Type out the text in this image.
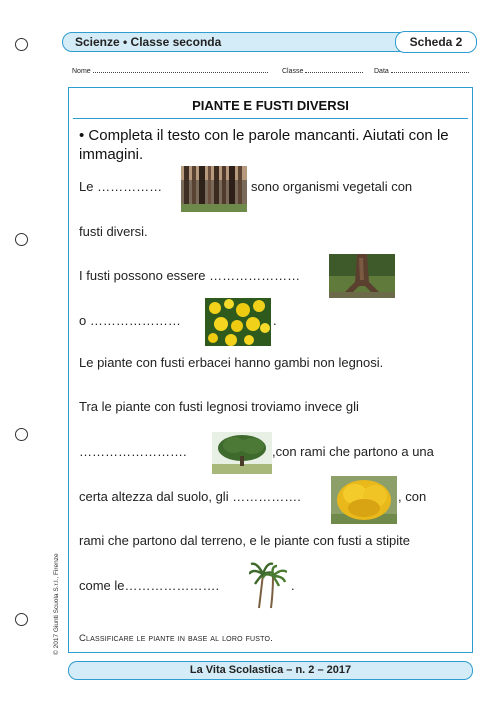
Scienze • Classe seconda	Scheda 2
Nome	Classe	Data
PIANTE E FUSTI DIVERSI
• Completa il testo con le parole mancanti. Aiutati con le immagini.
Le ……………	sono organismi vegetali con
fusti diversi.
I fusti possono essere …………………
o …………………	.
Le piante con fusti erbacei hanno gambi non legnosi.
Tra le piante con fusti legnosi troviamo invece gli
…………………….	,con rami che partono a una
certa altezza dal suolo, gli …………….	, con
rami che partono dal terreno, e le piante con fusti a stipite
come le………………….	.
Classificare le piante in base al loro fusto.
© 2017 Giunti Scuola S.r.l., Firenze
La Vita Scolastica – n. 2 – 2017
